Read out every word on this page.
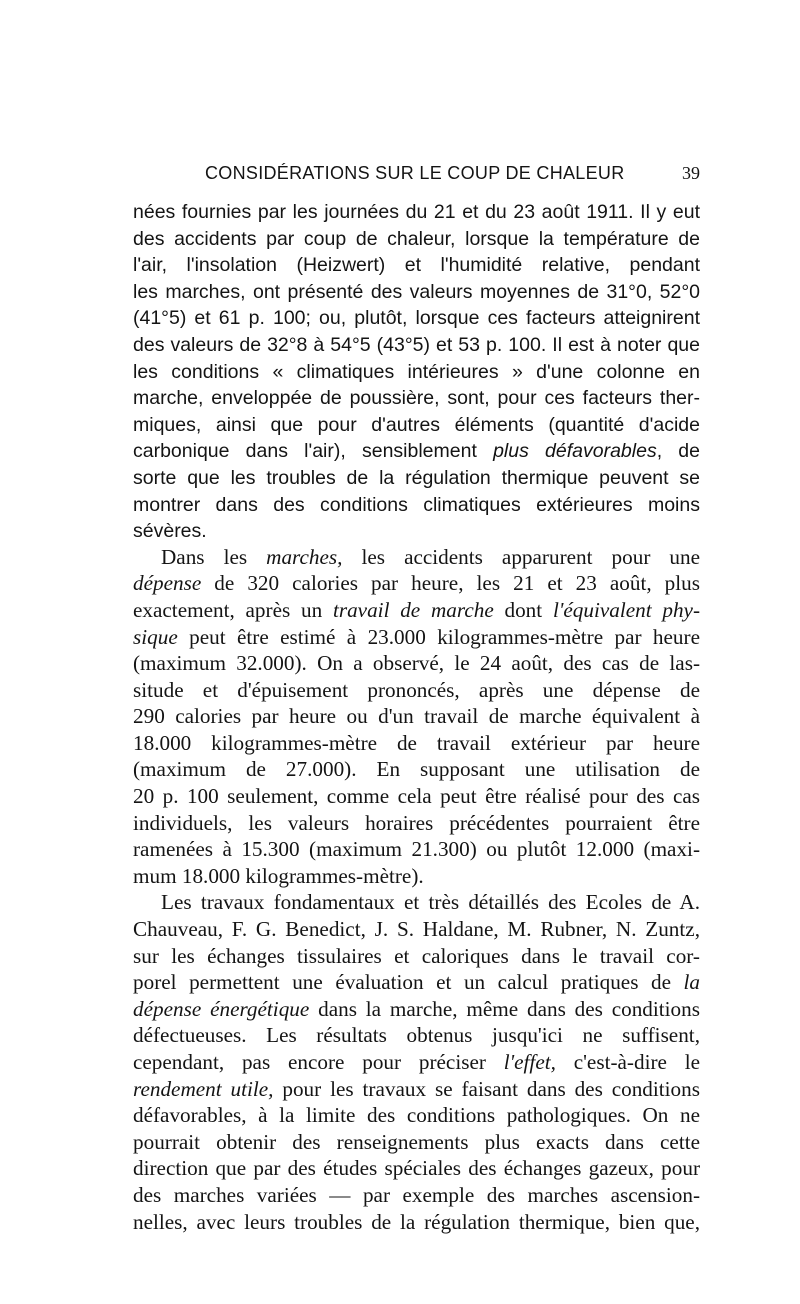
CONSIDÉRATIONS SUR LE COUP DE CHALEUR	39
nées fournies par les journées du 21 et du 23 août 1911. Il y eut
des accidents par coup de chaleur, lorsque la température de
l'air, l'insolation (Heizwert) et l'humidité relative, pendant
les marches, ont présenté des valeurs moyennes de 31°0, 52°0
(41°5) et 61 p. 100; ou, plutôt, lorsque ces facteurs atteignirent
des valeurs de 32°8 à 54°5 (43°5) et 53 p. 100. Il est à noter que
les conditions « climatiques intérieures » d'une colonne en
marche, enveloppée de poussière, sont, pour ces facteurs ther-
miques, ainsi que pour d'autres éléments (quantité d'acide
carbonique dans l'air), sensiblement plus défavorables, de
sorte que les troubles de la régulation thermique peuvent se
montrer dans des conditions climatiques extérieures moins
sévères.
Dans les marches, les accidents apparurent pour une
dépense de 320 calories par heure, les 21 et 23 août, plus
exactement, après un travail de marche dont l'équivalent phy-
sique peut être estimé à 23.000 kilogrammes-mètre par heure
(maximum 32.000). On a observé, le 24 août, des cas de las-
situde et d'épuisement prononcés, après une dépense de
290 calories par heure ou d'un travail de marche équivalent à
18.000 kilogrammes-mètre de travail extérieur par heure
(maximum de 27.000). En supposant une utilisation de
20 p. 100 seulement, comme cela peut être réalisé pour des cas
individuels, les valeurs horaires précédentes pourraient être
ramenées à 15.300 (maximum 21.300) ou plutôt 12.000 (maxi-
mum 18.000 kilogrammes-mètre).
Les travaux fondamentaux et très détaillés des Ecoles de A.
Chauveau, F. G. Benedict, J. S. Haldane, M. Rubner, N. Zuntz,
sur les échanges tissulaires et caloriques dans le travail cor-
porel permettent une évaluation et un calcul pratiques de la
dépense énergétique dans la marche, même dans des conditions
défectueuses. Les résultats obtenus jusqu'ici ne suffisent,
cependant, pas encore pour préciser l'effet, c'est-à-dire le
rendement utile, pour les travaux se faisant dans des conditions
défavorables, à la limite des conditions pathologiques. On ne
pourrait obtenir des renseignements plus exacts dans cette
direction que par des études spéciales des échanges gazeux, pour
des marches variées — par exemple des marches ascension-
nelles, avec leurs troubles de la régulation thermique, bien que,
